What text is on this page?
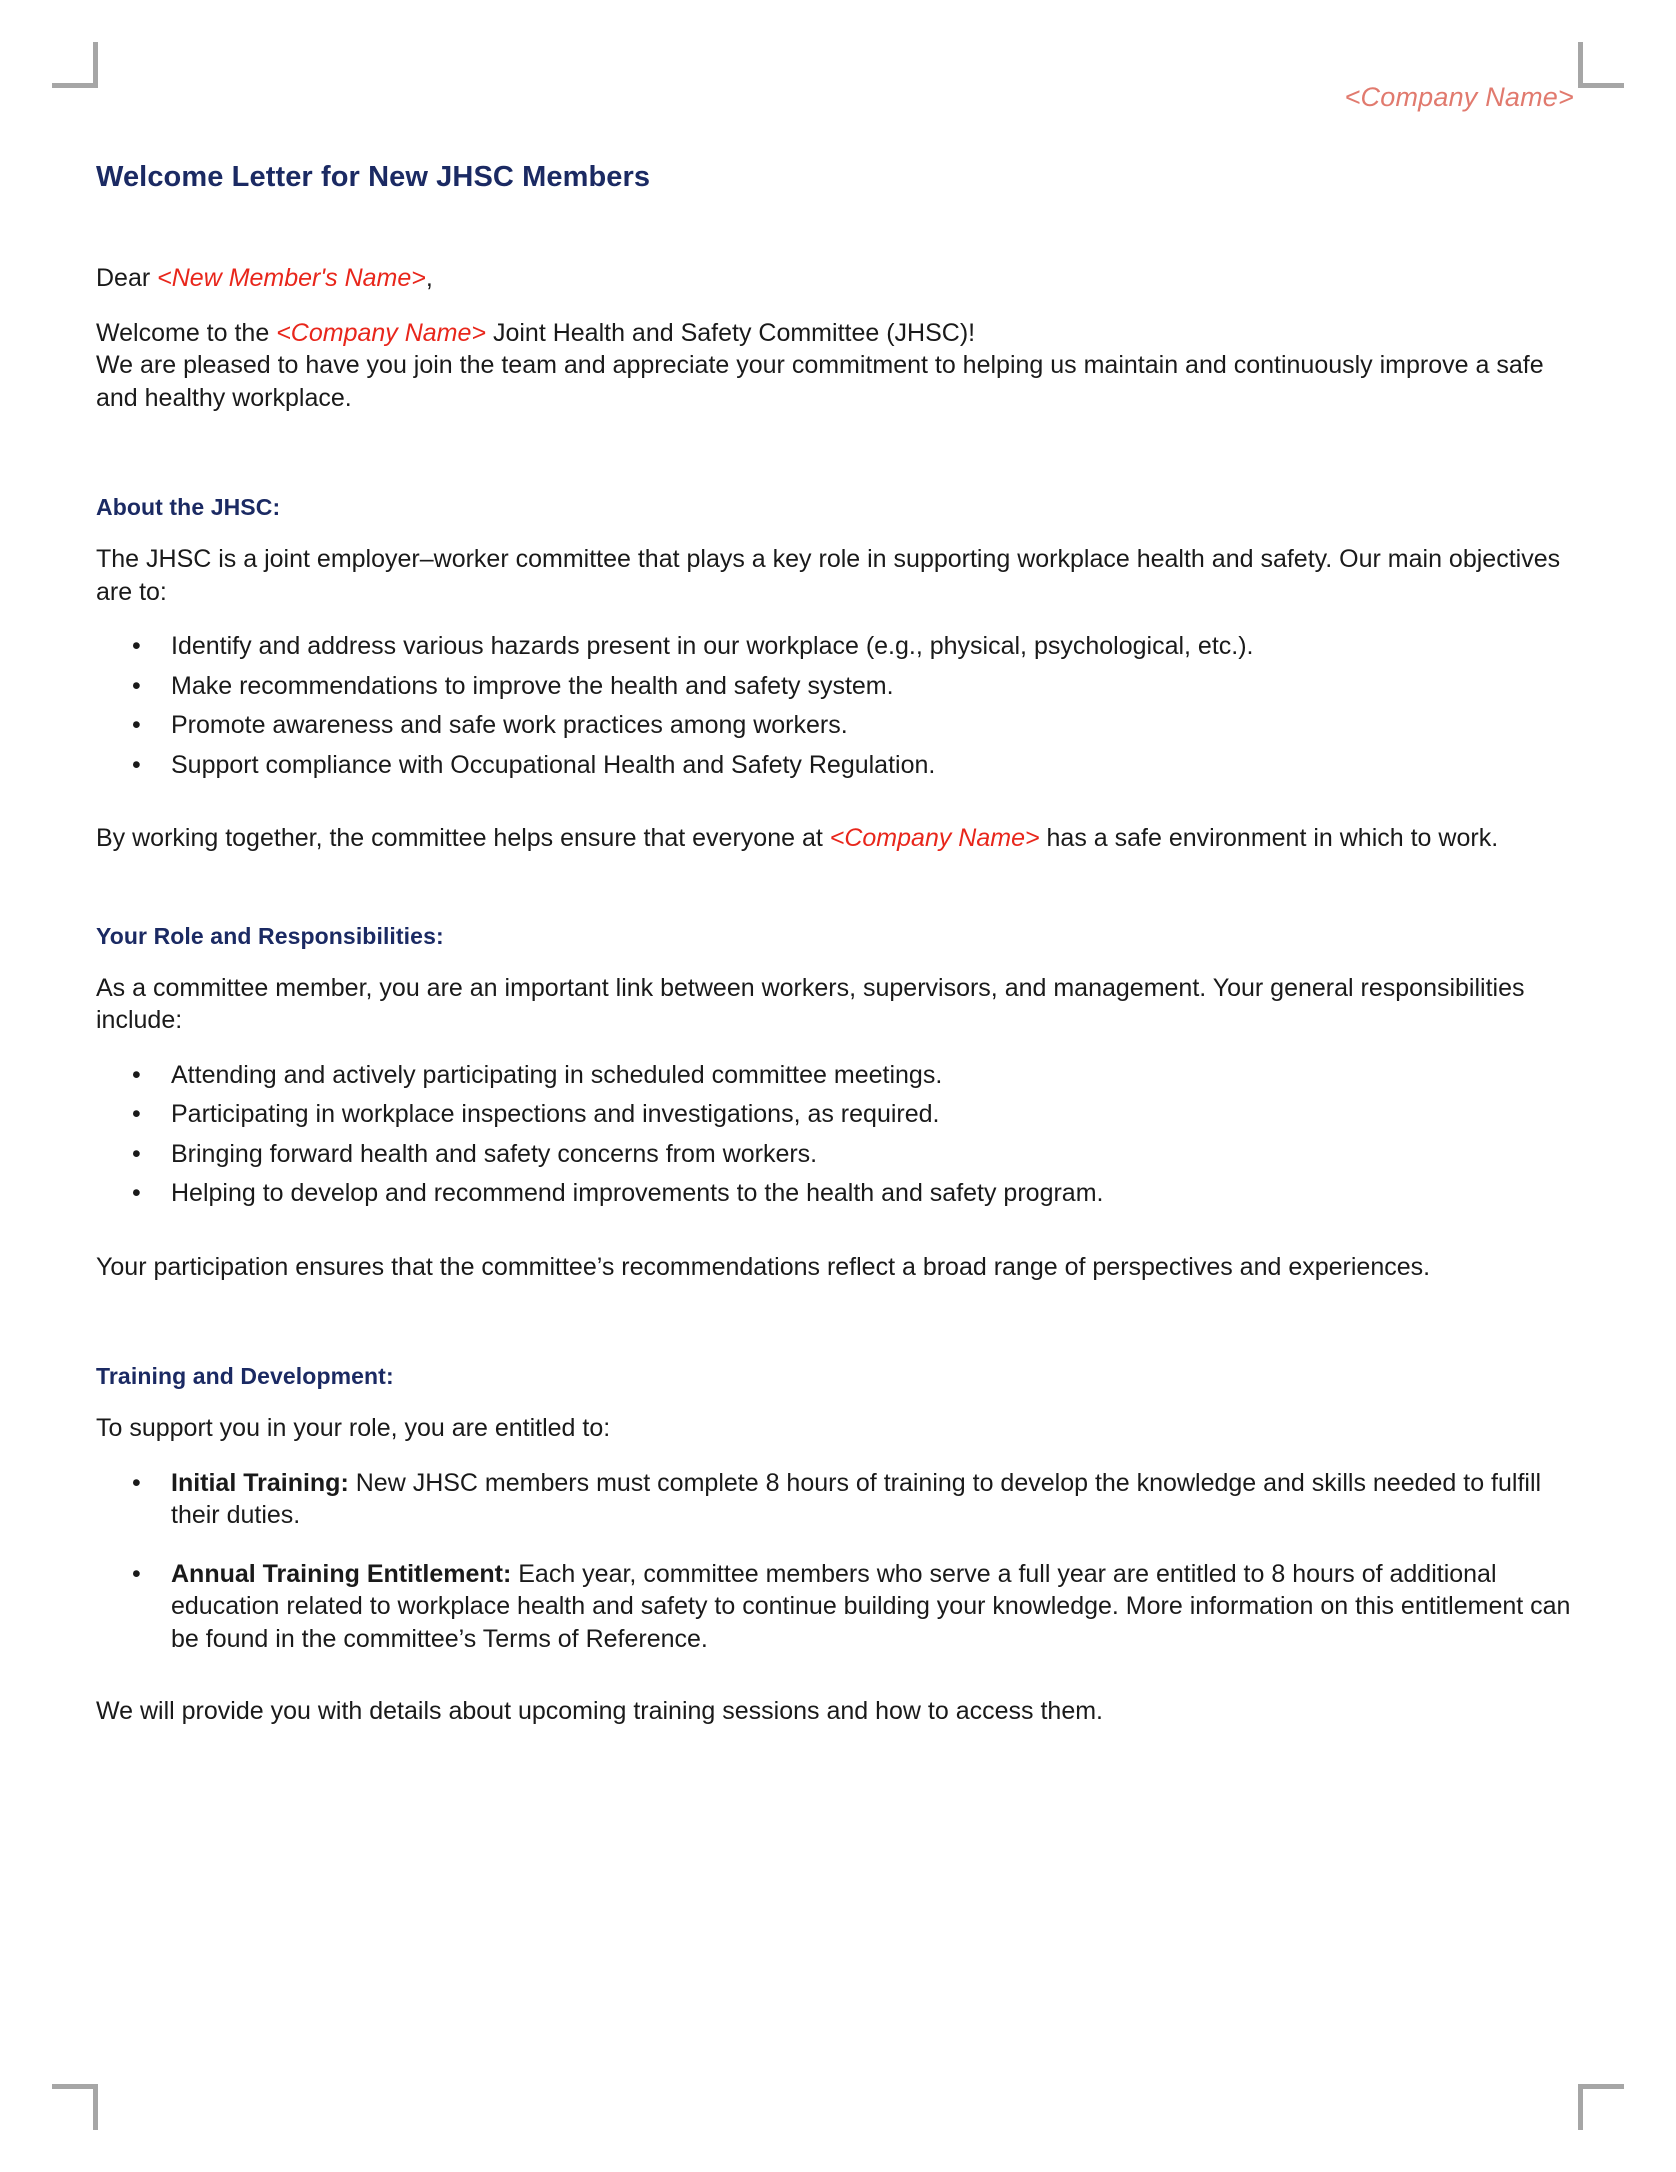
<Company Name>
Welcome Letter for New JHSC Members

Dear <New Member's Name>,

Welcome to the <Company Name> Joint Health and Safety Committee (JHSC)!

We are pleased to have you join the team and appreciate your commitment to helping us maintain and continuously improve a safe and healthy workplace.

About the JHSC:

The JHSC is a joint employer–worker committee that plays a key role in supporting workplace health and safety. Our main objectives are to:

• Identify and address various hazards present in our workplace (e.g., physical, psychological, etc.).
• Make recommendations to improve the health and safety system.
• Promote awareness and safe work practices among workers.
• Support compliance with Occupational Health and Safety Regulation.

By working together, the committee helps ensure that everyone at <Company Name> has a safe environment in which to work.

Your Role and Responsibilities:

As a committee member, you are an important link between workers, supervisors, and management. Your general responsibilities include:

• Attending and actively participating in scheduled committee meetings.
• Participating in workplace inspections and investigations, as required.
• Bringing forward health and safety concerns from workers.
• Helping to develop and recommend improvements to the health and safety program.

Your participation ensures that the committee’s recommendations reflect a broad range of perspectives and experiences.

Training and Development:

To support you in your role, you are entitled to:

• Initial Training: New JHSC members must complete 8 hours of training to develop the knowledge and skills needed to fulfill their duties.
• Annual Training Entitlement: Each year, committee members who serve a full year are entitled to 8 hours of additional education related to workplace health and safety to continue building your knowledge. More information on this entitlement can be found in the committee’s Terms of Reference.

We will provide you with details about upcoming training sessions and how to access them.
